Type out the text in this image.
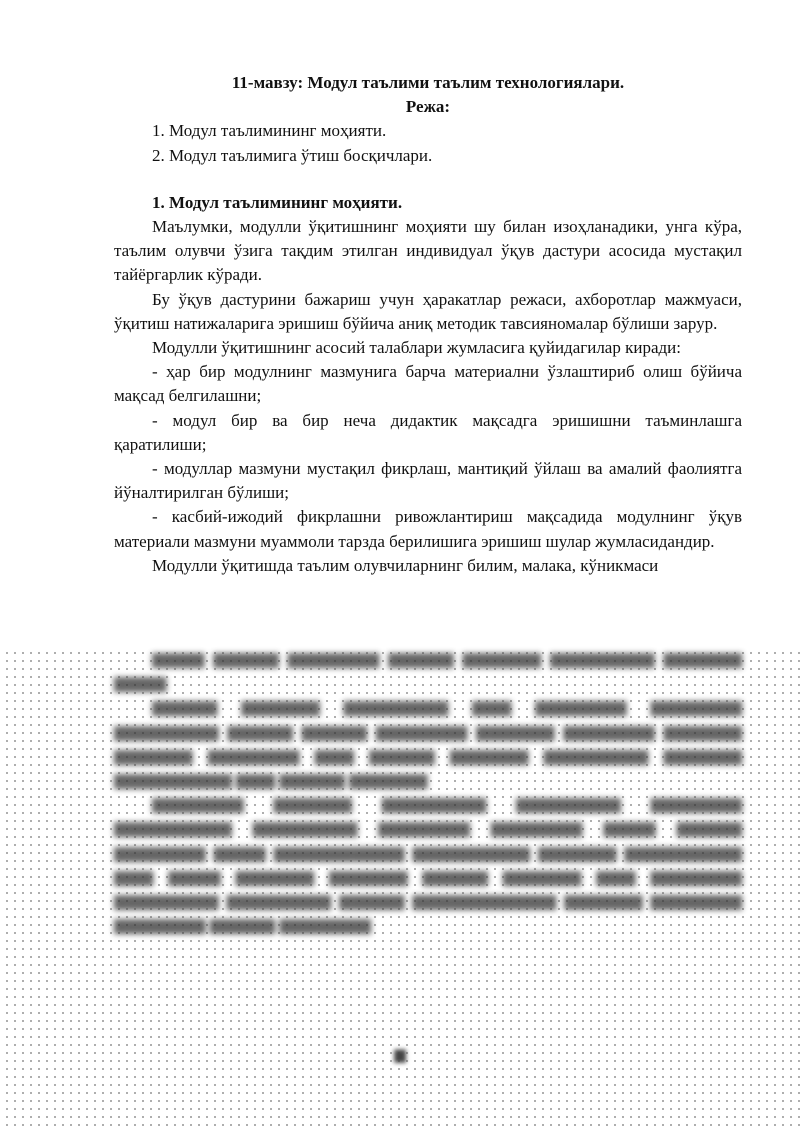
11-мавзу: Модул таълими таълим технологиялари.

Режа:

1. Модул таълимининг моҳияти.

2. Модул таълимига ўтиш босқичлари.

1. Модул таълимининг моҳияти.

Маълумки, модулли ўқитишнинг моҳияти шу билан изоҳланадики, унга кўра, таълим олувчи ўзига тақдим этилган индивидуал ўқув дастури асосида мустақил тайёргарлик кўради.

Бу ўқув дастурини бажариш учун ҳаракатлар режаси, ахборотлар мажмуаси, ўқитиш натижаларига эришиш бўйича аниқ методик тавсияномалар бўлиши зарур.

Модулли ўқитишнинг асосий талаблари жумласига қуйидагилар киради:

- ҳар бир модулнинг мазмунига барча материални ўзлаштириб олиш бўйича мақсад белгилашни;

- модул бир ва бир неча дидактик мақсадга эришишни таъминлашга қаратилиши;

- модуллар мазмуни мустақил фикрлаш, мантиқий ўйлаш ва амалий фаолиятга йўналтирилган бўлиши;

- касбий-ижодий фикрлашни ривожлантириш мақсадида модулнинг ўқув материали мазмуни муаммоли тарзда берилишига эришиш шулар жумласидандир.

Модулли ўқитишда таълим олувчиларнинг билим, малака, кўникмаси

▆▆▆▆ ▆▆▆▆▆ ▆▆▆▆▆▆▆ ▆▆▆▆▆ ▆▆▆▆▆▆ ▆▆▆▆▆▆▆▆ ▆▆▆▆▆▆ ▆▆▆▆

▆▆▆▆▆ ▆▆▆▆▆▆ ▆▆▆▆▆▆▆▆ ▆▆▆ ▆▆▆▆▆▆▆ ▆▆▆▆▆▆▆ ▆▆▆▆▆▆▆▆ ▆▆▆▆▆ ▆▆▆▆▆ ▆▆▆▆▆▆▆ ▆▆▆▆▆▆ ▆▆▆▆▆▆▆ ▆▆▆▆▆▆ ▆▆▆▆▆▆ ▆▆▆▆▆▆▆ ▆▆▆ ▆▆▆▆▆ ▆▆▆▆▆▆ ▆▆▆▆▆▆▆▆ ▆▆▆▆▆▆ ▆▆▆▆▆▆▆▆▆ ▆▆▆ ▆▆▆▆▆ ▆▆▆▆▆▆

▆▆▆▆▆▆▆ ▆▆▆▆▆▆ ▆▆▆▆▆▆▆▆ ▆▆▆▆▆▆▆▆ ▆▆▆▆▆▆▆ ▆▆▆▆▆▆▆▆▆ ▆▆▆▆▆▆▆▆ ▆▆▆▆▆▆▆ ▆▆▆▆▆▆▆ ▆▆▆▆ ▆▆▆▆▆ ▆▆▆▆▆▆▆ ▆▆▆▆ ▆▆▆▆▆▆▆▆▆▆ ▆▆▆▆▆▆▆▆▆ ▆▆▆▆▆▆ ▆▆▆▆▆▆▆▆▆ ▆▆▆ ▆▆▆▆ ▆▆▆▆▆▆ ▆▆▆▆▆▆ ▆▆▆▆▆ ▆▆▆▆▆▆ ▆▆▆ ▆▆▆▆▆▆▆ ▆▆▆▆▆▆▆▆ ▆▆▆▆▆▆▆▆ ▆▆▆▆▆ ▆▆▆▆▆▆▆▆▆▆▆ ▆▆▆▆▆▆ ▆▆▆▆▆▆▆ ▆▆▆▆▆▆▆ ▆▆▆▆▆ ▆▆▆▆▆▆▆

▆
